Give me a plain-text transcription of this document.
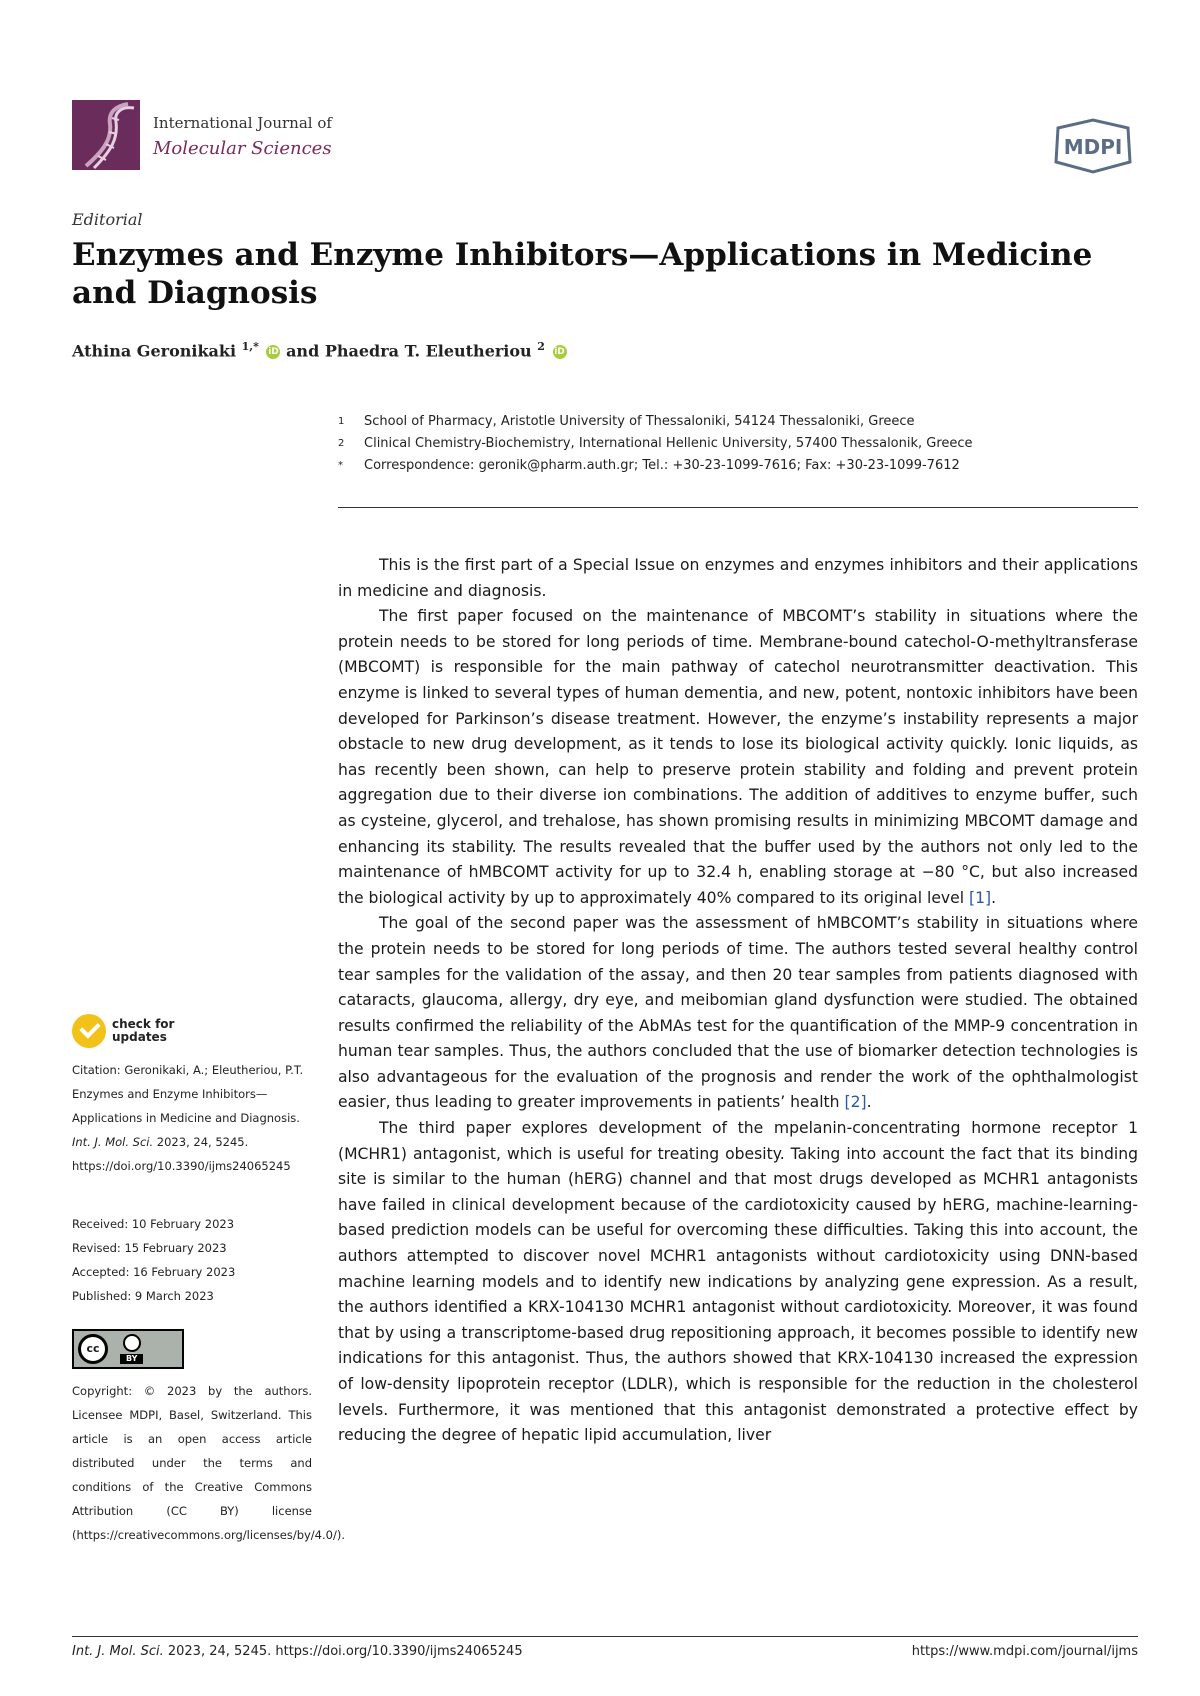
International Journal of
Molecular Sciences	MDPI
Editorial
Enzymes and Enzyme Inhibitors—Applications in Medicine and Diagnosis
Athina Geronikaki $^{1,*}$ iD and Phaedra T. Eleutheriou $^2$ iD
1	School of Pharmacy, Aristotle University of Thessaloniki, 54124 Thessaloniki, Greece
2	Clinical Chemistry-Biochemistry, International Hellenic University, 57400 Thessalonik, Greece
*	Correspondence: geronik@pharm.auth.gr; Tel.: +30-23-1099-7616; Fax: +30-23-1099-7612

This is the first part of a Special Issue on enzymes and enzymes inhibitors and their applications in medicine and diagnosis.

The first paper focused on the maintenance of MBCOMT’s stability in situations where the protein needs to be stored for long periods of time. Membrane-bound catechol-O-methyltransferase (MBCOMT) is responsible for the main pathway of catechol neurotransmitter deactivation. This enzyme is linked to several types of human dementia, and new, potent, nontoxic inhibitors have been developed for Parkinson’s disease treatment. However, the enzyme’s instability represents a major obstacle to new drug development, as it tends to lose its biological activity quickly. Ionic liquids, as has recently been shown, can help to preserve protein stability and folding and prevent protein aggregation due to their diverse ion combinations. The addition of additives to enzyme buffer, such as cysteine, glycerol, and trehalose, has shown promising results in minimizing MBCOMT damage and enhancing its stability. The results revealed that the buffer used by the authors not only led to the maintenance of hMBCOMT activity for up to 32.4 h, enabling storage at −80 °C, but also increased the biological activity by up to approximately 40% compared to its original level [1].

The goal of the second paper was the assessment of hMBCOMT’s stability in situations where the protein needs to be stored for long periods of time. The authors tested several healthy control tear samples for the validation of the assay, and then 20 tear samples from patients diagnosed with cataracts, glaucoma, allergy, dry eye, and meibomian gland dysfunction were studied. The obtained results confirmed the reliability of the AbMAs test for the quantification of the MMP-9 concentration in human tear samples. Thus, the authors concluded that the use of biomarker detection technologies is also advantageous for the evaluation of the prognosis and render the work of the ophthalmologist easier, thus leading to greater improvements in patients’ health [2].

The third paper explores development of the mpelanin-concentrating hormone receptor 1 (MCHR1) antagonist, which is useful for treating obesity. Taking into account the fact that its binding site is similar to the human (hERG) channel and that most drugs developed as MCHR1 antagonists have failed in clinical development because of the cardiotoxicity caused by hERG, machine-learning-based prediction models can be useful for overcoming these difficulties. Taking this into account, the authors attempted to discover novel MCHR1 antagonists without cardiotoxicity using DNN-based machine learning models and to identify new indications by analyzing gene expression. As a result, the authors identified a KRX-104130 MCHR1 antagonist without cardiotoxicity. Moreover, it was found that by using a transcriptome-based drug repositioning approach, it becomes possible to identify new indications for this antagonist. Thus, the authors showed that KRX-104130 increased the expression of low-density lipoprotein receptor (LDLR), which is responsible for the reduction in the cholesterol levels. Furthermore, it was mentioned that this antagonist demonstrated a protective effect by reducing the degree of hepatic lipid accumulation, liver

check for updates
Citation: Geronikaki, A.; Eleutheriou, P.T. Enzymes and Enzyme Inhibitors—Applications in Medicine and Diagnosis. Int. J. Mol. Sci. 2023, 24, 5245. https://doi.org/10.3390/ijms24065245
Received: 10 February 2023
Revised: 15 February 2023
Accepted: 16 February 2023
Published: 9 March 2023
cc
BY
Copyright: © 2023 by the authors. Licensee MDPI, Basel, Switzerland. This article is an open access article distributed under the terms and conditions of the Creative Commons Attribution (CC BY) license (https://creativecommons.org/licenses/by/4.0/).
Int. J. Mol. Sci. 2023, 24, 5245. https://doi.org/10.3390/ijms24065245	https://www.mdpi.com/journal/ijms
